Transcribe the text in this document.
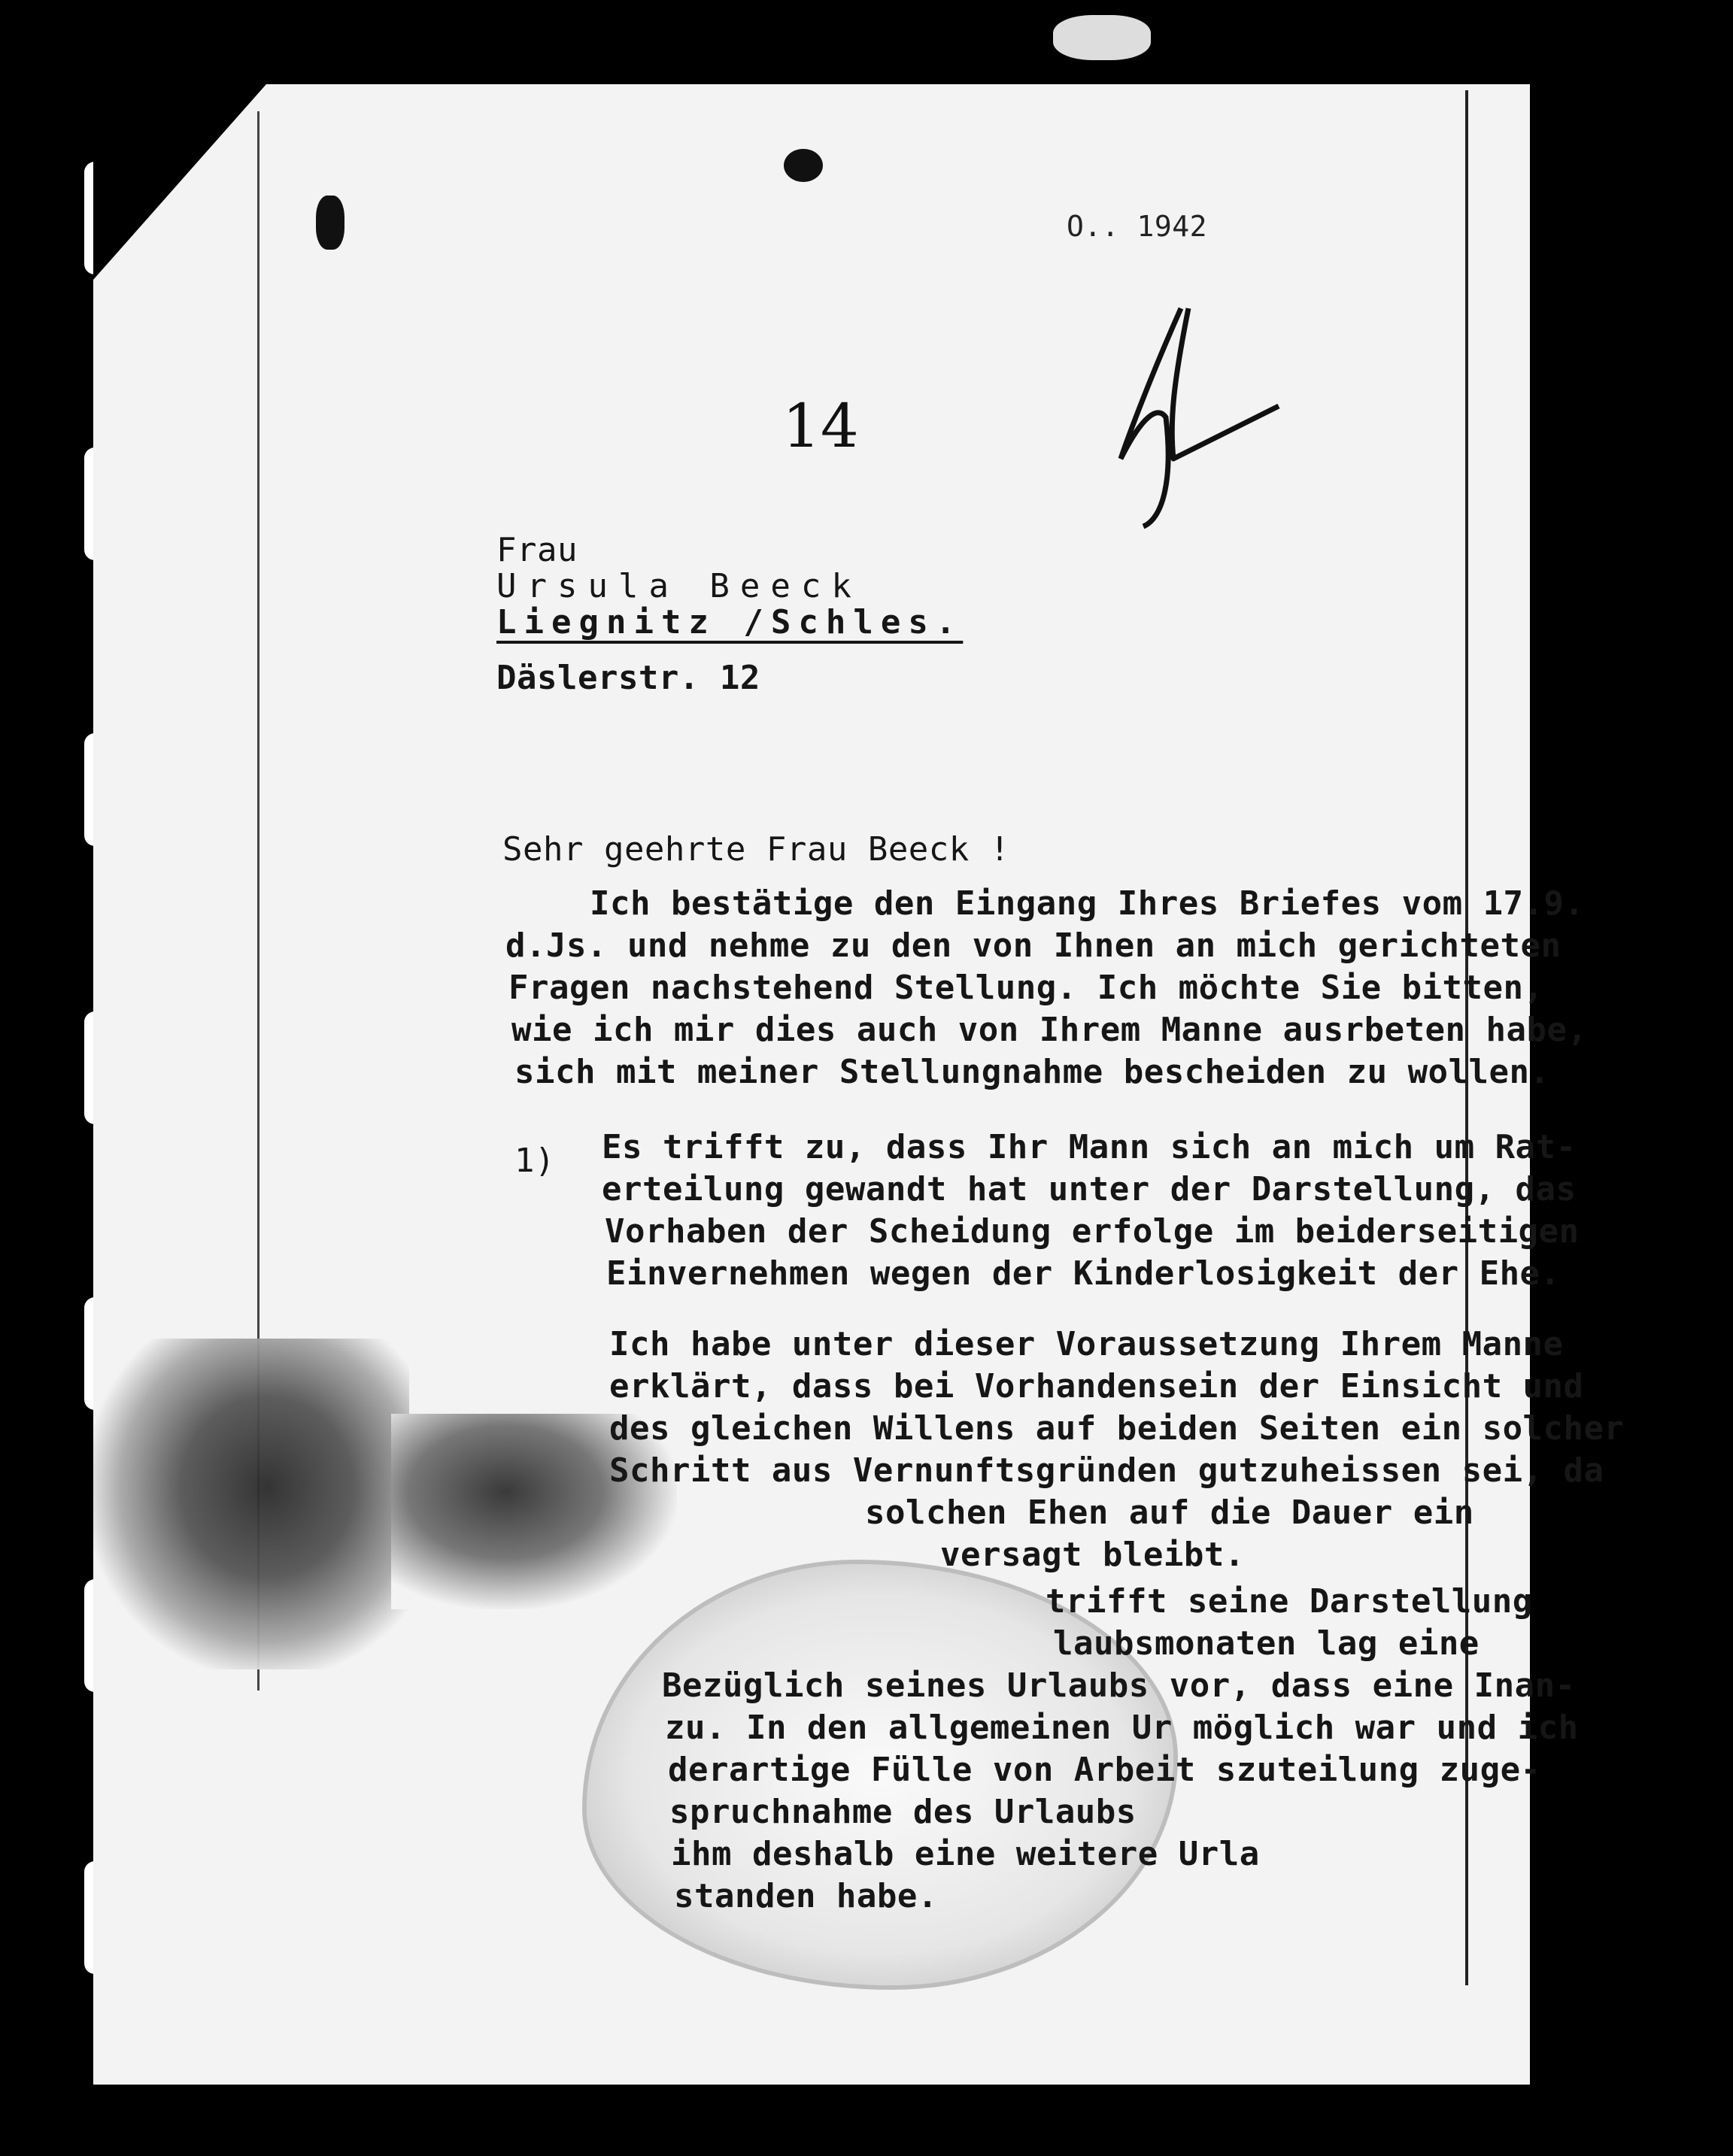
O.. 1942
14
Frau
Ursula Beeck
Liegnitz /Schles.
Däslerstr. 12
Sehr geehrte Frau Beeck !
Ich bestätige den Eingang Ihres Briefes vom 17.9.
d.Js. und nehme zu den von Ihnen an mich gerichteten
Fragen nachstehend Stellung. Ich möchte Sie bitten,
wie ich mir dies auch von Ihrem Manne ausrbeten habe,
sich mit meiner Stellungnahme bescheiden zu wollen.
1) Es trifft zu, dass Ihr Mann sich an mich um Rat-
erteilung gewandt hat unter der Darstellung, das
Vorhaben der Scheidung erfolge im beiderseitigen
Einvernehmen wegen der Kinderlosigkeit der Ehe.
Ich habe unter dieser Voraussetzung Ihrem Manne
erklärt, dass bei Vorhandensein der Einsicht und
des gleichen Willens auf beiden Seiten ein solcher
Schritt aus Vernunftsgründen gutzuheissen sei, da
solchen Ehen auf die Dauer ein
versagt bleibt.
trifft seine Darstellung
laubsmonaten lag eine
Bezüglich seines Urlaubs vor, dass eine Inan-
zu. In den allgemeinen Ur möglich war und ich
derartige Fülle von Arbeit szuteilung zuge-
spruchnahme des Urlaubs
ihm deshalb eine weitere Urla
standen habe.
